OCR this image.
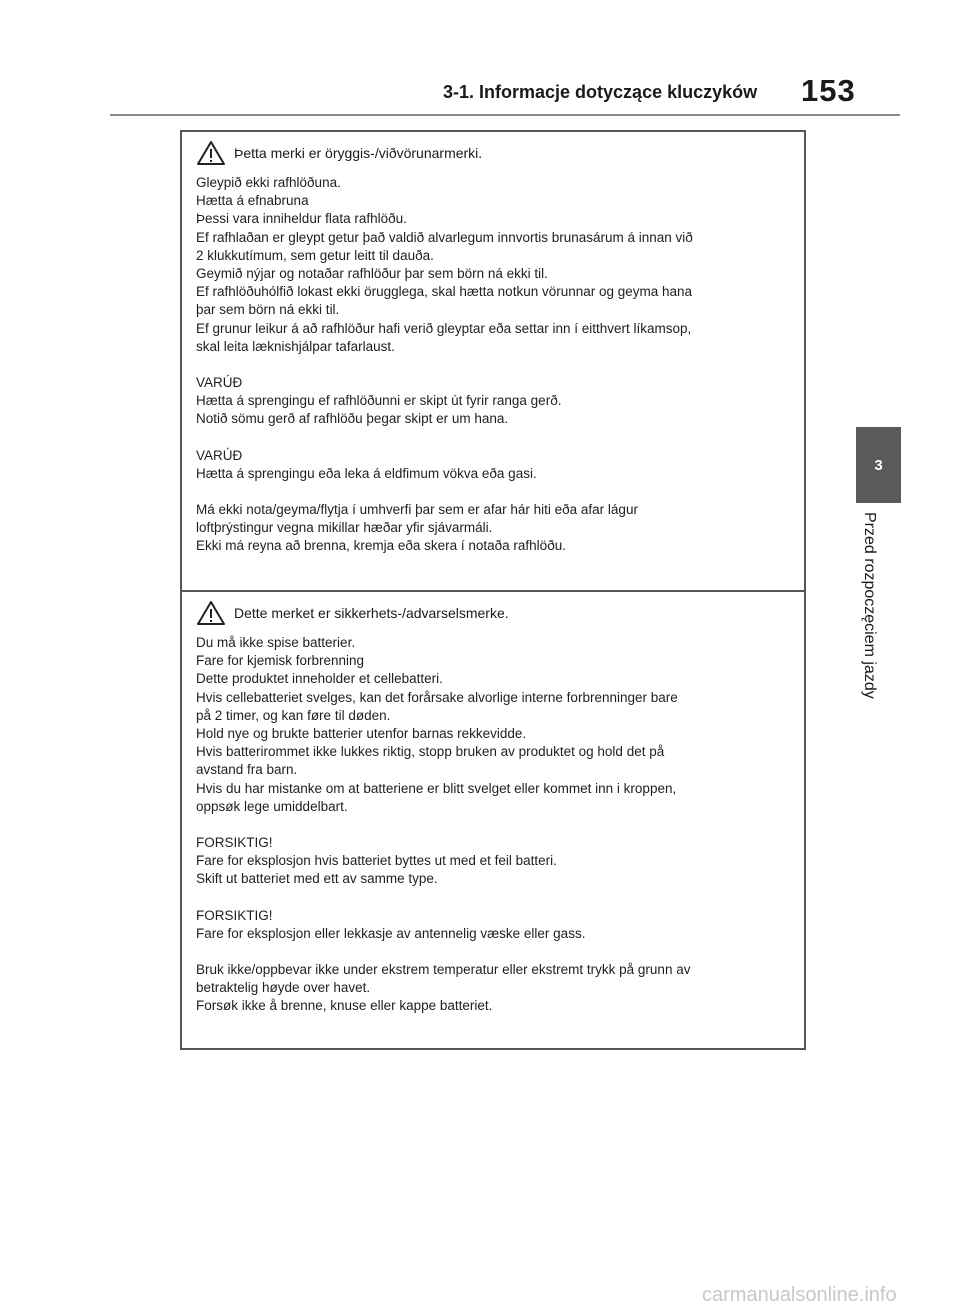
3-1. Informacje dotyczące kluczyków 153
3
Przed rozpoczęciem jazdy
Þetta merki er öryggis-/viðvörunarmerki.

Gleypið ekki rafhlöðuna.
Hætta á efnabruna
Þessi vara inniheldur flata rafhlöðu.
Ef rafhlaðan er gleypt getur það valdið alvarlegum innvortis brunasárum á innan við
2 klukkutímum, sem getur leitt til dauða.
Geymið nýjar og notaðar rafhlöður þar sem börn ná ekki til.
Ef rafhlöðuhólfið lokast ekki örugglega, skal hætta notkun vörunnar og geyma hana
þar sem börn ná ekki til.
Ef grunur leikur á að rafhlöður hafi verið gleyptar eða settar inn í eitthvert líkamsop,
skal leita læknishjálpar tafarlaust.

VARÚÐ
Hætta á sprengingu ef rafhlöðunni er skipt út fyrir ranga gerð.
Notið sömu gerð af rafhlöðu þegar skipt er um hana.

VARÚÐ
Hætta á sprengingu eða leka á eldfimum vökva eða gasi.

Má ekki nota/geyma/flytja í umhverfi þar sem er afar hár hiti eða afar lágur
loftþrýstingur vegna mikillar hæðar yfir sjávarmáli.
Ekki má reyna að brenna, kremja eða skera í notaða rafhlöðu.

Dette merket er sikkerhets-/advarselsmerke.

Du må ikke spise batterier.
Fare for kjemisk forbrenning
Dette produktet inneholder et cellebatteri.
Hvis cellebatteriet svelges, kan det forårsake alvorlige interne forbrenninger bare
på 2 timer, og kan føre til døden.
Hold nye og brukte batterier utenfor barnas rekkevidde.
Hvis batterirommet ikke lukkes riktig, stopp bruken av produktet og hold det på
avstand fra barn.
Hvis du har mistanke om at batteriene er blitt svelget eller kommet inn i kroppen,
oppsøk lege umiddelbart.

FORSIKTIG!
Fare for eksplosjon hvis batteriet byttes ut med et feil batteri.
Skift ut batteriet med ett av samme type.

FORSIKTIG!
Fare for eksplosjon eller lekkasje av antennelig væske eller gass.

Bruk ikke/oppbevar ikke under ekstrem temperatur eller ekstremt trykk på grunn av
betraktelig høyde over havet.
Forsøk ikke å brenne, knuse eller kappe batteriet.

carmanualsonline.info
